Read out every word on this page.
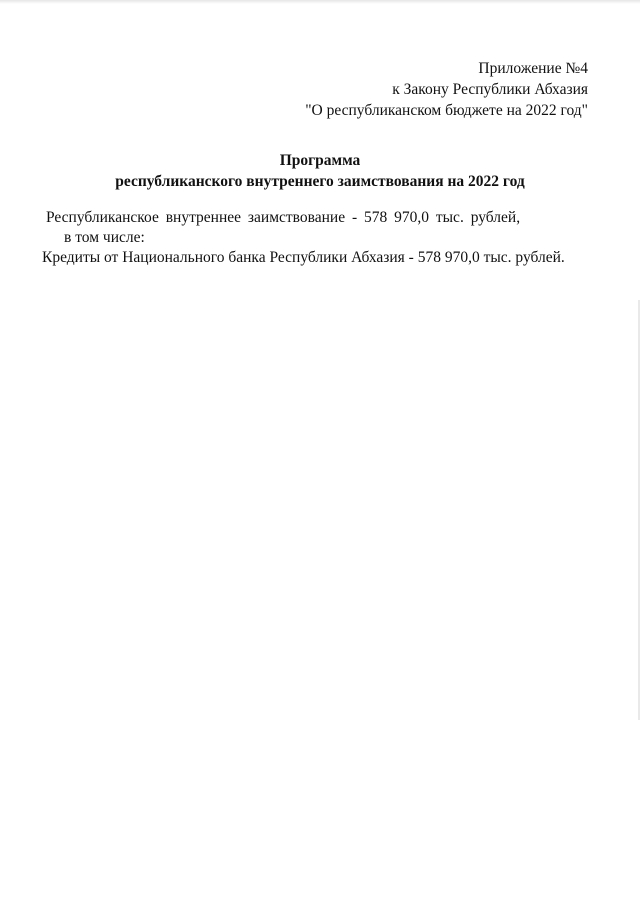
Приложение №4
к Закону Республики Абхазия
"О республиканском бюджете на 2022 год"
Программа
республиканского внутреннего заимствования на 2022 год
Республиканское внутреннее заимствование - 578 970,0 тыс. рублей,
в том числе:
Кредиты от Национального банка Республики Абхазия - 578 970,0 тыс. рублей.
